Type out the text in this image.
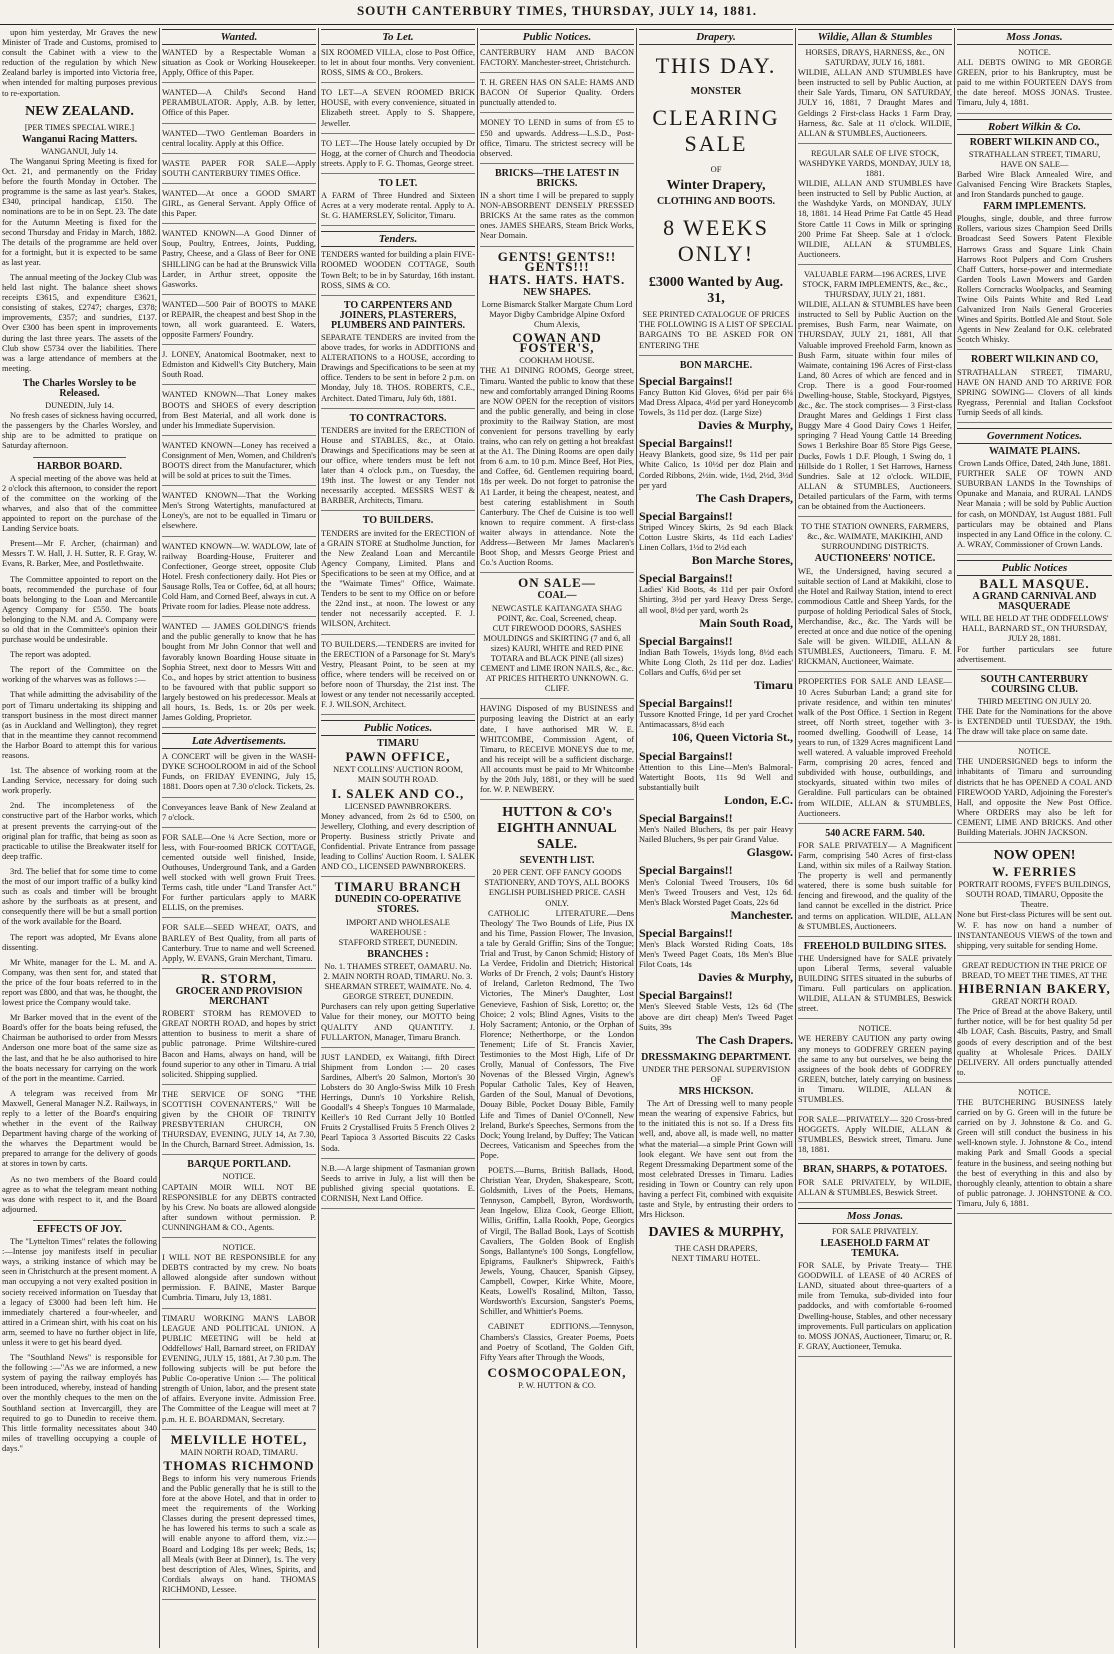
SOUTH CANTERBURY TIMES, THURSDAY, JULY 14, 1881.

upon him yesterday, Mr Graves the new Minister of Trade and Customs, promised to consult the Cabinet with a view to the reduction of the regulation by which New Zealand barley is imported into Victoria free, when intended for malting purposes previous to re-exportation.

NEW ZEALAND.
[PER TIMES SPECIAL WIRE.]
Wanganui Racing Matters.
WANGANUI, July 14.

The Wanganui Spring Meeting is fixed for Oct. 21, and permanently on the Friday before the fourth Monday in October. The programme is the same as last year's. Stakes, £340, principal handicap, £150. The nominations are to be in on Sept. 23. The date for the Autumn Meeting is fixed for the second Thursday and Friday in March, 1882. The details of the programme are held over for a fortnight, but it is expected to be same as last year.

The annual meeting of the Jockey Club was held last night. The balance sheet shows receipts £3615, and expenditure £3621, consisting of stakes, £2747; charges, £378; improvements, £357; and sundries, £137. Over £300 has been spent in improvements during the last three years. The assets of the Club show £5734 over the liabilities. There was a large attendance of members at the meeting.

The Charles Worsley to be Released.
DUNEDIN, July 14.

No fresh cases of sickness having occurred, the passengers by the Charles Worsley, and ship are to be admitted to pratique on Saturday afternoon.

HARBOR BOARD.

A special meeting of the above was held at 2 o'clock this afternoon, to consider the report of the committee on the working of the wharves, and also that of the committee appointed to report on the purchase of the Landing Service boats.

Present—Mr F. Archer, (chairman) and Messrs T. W. Hall, J. H. Sutter, R. F. Gray, W. Evans, R. Barker, Mee, and Postlethwaite.

The Committee appointed to report on the boats, recommended the purchase of four boats belonging to the Loan and Mercantile Agency Company for £550. The boats belonging to the N.M. and A. Company were so old that in the Committee's opinion their purchase would be undesirable.

The report was adopted.

The report of the Committee on the working of the wharves was as follows :—

That while admitting the advisability of the port of Timaru undertaking its shipping and transport business in the most direct manner (as in Auckland and Wellington), they regret that in the meantime they cannot recommend the Harbor Board to attempt this for various reasons.

1st. The absence of working room at the Landing Service, necessary for doing such work properly.

2nd. The incompleteness of the constructive part of the Harbor works, which at present prevents the carrying-out of the original plan for traffic, that being as soon as practicable to utilise the Breakwater itself for deep traffic.

3rd. The belief that for some time to come the most of our import traffic of a bulky kind such as coals and timber will be brought ashore by the surfboats as at present, and consequently there will be but a small portion of the work available for the Board.

The report was adopted, Mr Evans alone dissenting.

Mr White, manager for the L. M. and A. Company, was then sent for, and stated that the price of the four boats referred to in the report was £800, and that was, he thought, the lowest price the Company would take.

Mr Barker moved that in the event of the Board's offer for the boats being refused, the Chairman be authorised to order from Messrs Anderson one more boat of the same size as the last, and that he be also authorised to hire the boats necessary for carrying on the work of the port in the meantime. Carried.

A telegram was received from Mr Maxwell, General Manager N.Z. Railways, in reply to a letter of the Board's enquiring whether in the event of the Railway Department having charge of the working of the wharves the Department would be prepared to arrange for the delivery of goods at stores in town by carts.

As no two members of the Board could agree as to what the telegram meant nothing was done with respect to it, and the Board adjourned.

EFFECTS OF JOY.

The "Lyttelton Times" relates the following :—Intense joy manifests itself in peculiar ways, a striking instance of which may be seen in Christchurch at the present moment. A man occupying a not very exalted position in society received information on Tuesday that a legacy of £3000 had been left him. He immediately chartered a four-wheeler, and attired in a Crimean shirt, with his coat on his arm, seemed to have no further object in life, unless it were to get his beard dyed.

The "Southland News" is responsible for the following :—"As we are informed, a new system of paying the railway employés has been introduced, whereby, instead of handing over the monthly cheques to the men on the Southland section at Invercargill, they are required to go to Dunedin to receive them. This little formality necessitates about 340 miles of travelling occupying a couple of days."

Wanted.
WANTED by a Respectable Woman a situation as Cook or Working Housekeeper. Apply, Office of this Paper.
WANTED—A Child's Second Hand PERAMBULATOR. Apply, A.B. by letter, Office of this Paper.
WANTED—TWO Gentleman Boarders in central locality. Apply at this Office.
WASTE PAPER FOR SALE—Apply SOUTH CANTERBURY TIMES Office.
WANTED—At once a GOOD SMART GIRL, as General Servant. Apply Office of this Paper.
WANTED KNOWN—A Good Dinner of Soup, Poultry, Entrees, Joints, Pudding, Pastry, Cheese, and a Glass of Beer for ONE SHILLING can be had at the Brunswick Villa Larder, in Arthur street, opposite the Gasworks.
WANTED—500 Pair of BOOTS to MAKE or REPAIR, the cheapest and best Shop in the town, all work guaranteed. E. Waters, opposite Farmers' Foundry.
J. LONEY, Anatomical Bootmaker, next to Edmiston and Kidwell's City Butchery, Main South Road.
WANTED KNOWN—That Loney makes BOOTS and SHOES of every description from Best Material, and all work done is under his Immediate Supervision.
WANTED KNOWN—Loney has received a Consignment of Men, Women, and Children's BOOTS direct from the Manufacturer, which will be sold at prices to suit the Times.
WANTED KNOWN—That the Working Men's Strong Watertights, manufactured at Loney's, are not to be equalled in Timaru or elsewhere.
WANTED KNOWN—W. WADLOW, late of railway Boarding-House, Fruiterer and Confectioner, George street, opposite Club Hotel. Fresh confectionery daily. Hot Pies or Sausage Rolls, Tea or Coffee, 6d, at all hours; Cold Ham, and Corned Beef, always in cut. A Private room for ladies. Please note address.
WANTED — JAMES GOLDING'S friends and the public generally to know that he has bought from Mr John Connor that well and favorably known Boarding House situate in Sophia Street, next door to Messrs Witt and Co., and hopes by strict attention to business to be favoured with that public support so largely bestowed on his predecessor. Meals at all hours, 1s. Beds, 1s. or 20s per week. James Golding, Proprietor.
Late Advertisements.
A CONCERT will be given in the WASH-DYKE SCHOOLROOM in aid of the School Funds, on FRIDAY EVENING, July 15, 1881. Doors open at 7.30 o'clock. Tickets, 2s.
Conveyances leave Bank of New Zealand at 7 o'clock.
FOR SALE—One ¼ Acre Section, more or less, with Four-roomed BRICK COTTAGE, cemented outside well finished, Inside, Outhouses, Underground Tank, and a Garden well stocked with well grown Fruit Trees. Terms cash, title under "Land Transfer Act." For further particulars apply to MARK ELLIS, on the premises.
FOR SALE—SEED WHEAT, OATS, and BARLEY of Best Quality, from all parts of Canterbury. True to name and well Screened. Apply, W. EVANS, Grain Merchant, Timaru.
R. STORM,
GROCER AND PROVISION MERCHANT
ROBERT STORM has REMOVED to GREAT NORTH ROAD, and hopes by strict attention to business to merit a share of public patronage. Prime Wiltshire-cured Bacon and Hams, always on hand, will be found superior to any other in Timaru. A trial solicited. Shipping supplied.
THE SERVICE OF SONG "THE SCOTTISH COVENANTERS," Will be given by the CHOIR OF TRINITY PRESBYTERIAN CHURCH, ON THURSDAY, EVENING, JULY 14, At 7.30, In the Church, Barnard Street. Admission, 1s.
BARQUE PORTLAND.
NOTICE.
CAPTAIN MOIR WILL NOT BE RESPONSIBLE for any DEBTS contracted by his Crew. No boats are allowed alongside after sundown without permission. P. CUNNINGHAM & CO., Agents.
NOTICE.
I WILL NOT BE RESPONSIBLE for any DEBTS contracted by my crew. No boats allowed alongside after sundown without permission. F. BAINE, Master Barque Cumbria. Timaru, July 13, 1881.
TIMARU WORKING MAN'S LABOR LEAGUE AND POLITICAL UNION. A PUBLIC MEETING will be held at Oddfellows' Hall, Barnard street, on FRIDAY EVENING, JULY 15, 1881, At 7.30 p.m. The following subjects will be put before the Public Co-operative Union :— The political strength of Union, labor, and the present state of affairs. Everyone invite. Admission Free. The Committee of the League will meet at 7 p.m. H. E. BOARDMAN, Secretary.
MELVILLE HOTEL,
MAIN NORTH ROAD, TIMARU.
THOMAS RICHMOND
Begs to inform his very numerous Friends and the Public generally that he is still to the fore at the above Hotel, and that in order to meet the requirements of the Working Classes during the present depressed times, he has lowered his terms to such a scale as will enable anyone to afford them, viz.:— Board and Lodging 18s per week; Beds, 1s; all Meals (with Beer at Dinner), 1s. The very best description of Ales, Wines, Spirits, and Cordials always on hand. THOMAS RICHMOND, Lessee.
To Let.
SIX ROOMED VILLA, close to Post Office, to let in about four months. Very convenient. ROSS, SIMS & CO., Brokers.
TO LET—A SEVEN ROOMED BRICK HOUSE, with every convenience, situated in Elizabeth street. Apply to S. Shappere, Jeweller.
TO LET—The House lately occupied by Dr Hogg, at the corner of Church and Theodocia streets. Apply to F. G. Thomas, George street.
TO LET.
A FARM of Three Hundred and Sixteen Acres at a very moderate rental. Apply to A. St. G. HAMERSLEY, Solicitor, Timaru.
Tenders.
TENDERS wanted for building a plain FIVE-ROOMED WOODEN COTTAGE, South Town Belt; to be in by Saturday, 16th instant. ROSS, SIMS & CO.
TO CARPENTERS AND JOINERS, PLASTERERS, PLUMBERS AND PAINTERS.
SEPARATE TENDERS are invited from the above trades, for works in ADDITIONS and ALTERATIONS to a HOUSE, according to Drawings and Specifications to be seen at my office. Tenders to be sent in before 2 p.m. on Monday, July 18. THOS. ROBERTS, C.E., Architect. Dated Timaru, July 6th, 1881.
TO CONTRACTORS.
TENDERS are invited for the ERECTION of House and STABLES, &c., at Otaio. Drawings and Specifications may be seen at our office, where tenders must be left not later than 4 o'clock p.m., on Tuesday, the 19th inst. The lowest or any Tender not necessarily accepted. MESSRS WEST & BARBER, Architects, Timaru.
TO BUILDERS.
TENDERS are invited for the ERECTION of a GRAIN STORE at Studholme Junction, for the New Zealand Loan and Mercantile Agency Company, Limited. Plans and Specifications to be seen at my Office, and at the "Waimate Times" Office, Waimate. Tenders to be sent to my Office on or before the 22nd inst., at noon. The lowest or any tender not necessarily accepted. F. J. WILSON, Architect.
TO BUILDERS.—TENDERS are invited for the ERECTION of a Parsonage for St. Mary's Vestry, Pleasant Point, to be seen at my office, where tenders will be received on or before noon of Thursday, the 21st inst. The lowest or any tender not necessarily accepted. F. J. WILSON, Architect.
Public Notices.
TIMARU
PAWN OFFICE,
NEXT COLLINS' AUCTION ROOM, MAIN SOUTH ROAD.
I. SALEK AND CO.,
LICENSED PAWNBROKERS.
Money advanced, from 2s 6d to £500, on Jewellery, Clothing, and every description of Property. Business strictly Private and Confidential. Private Entrance from passage leading to Collins' Auction Room. I. SALEK AND CO., LICENSED PAWNBROKERS.
TIMARU BRANCH
DUNEDIN CO-OPERATIVE STORES.
IMPORT AND WHOLESALE WAREHOUSE :
STAFFORD STREET, DUNEDIN.
BRANCHES :
No. 1. THAMES STREET, OAMARU. No. 2. MAIN NORTH ROAD, TIMARU. No. 3. SHEARMAN STREET, WAIMATE. No. 4. GEORGE STREET, DUNEDIN.
Purchasers can rely upon getting Superlative Value for their money, our MOTTO being QUALITY AND QUANTITY. J. FULLARTON, Manager, Timaru Branch.
JUST LANDED, ex Waitangi, fifth Direct Shipment from London :— 20 cases Sardines, Albert's 20 Salmon, Morton's 30 Lobsters do 30 Anglo-Swiss Milk 10 Fresh Herrings, Dunn's 10 Yorkshire Relish, Goodall's 4 Sheep's Tongues 10 Marmalade, Keiller's 10 Red Currant Jelly 10 Bottled Fruits 2 Crystallised Fruits 5 French Olives 2 Pearl Tapioca 3 Assorted Biscuits 22 Casks Soda.
N.B.—A large shipment of Tasmanian grown Seeds to arrive in July, a list will then be published giving special quotations. E. CORNISH, Next Land Office.
Public Notices.
CANTERBURY HAM AND BACON FACTORY. Manchester-street, Christchurch.
T. H. GREEN HAS ON SALE: HAMS AND BACON Of Superior Quality. Orders punctually attended to.
MONEY TO LEND in sums of from £5 to £50 and upwards. Address—L.S.D., Post-office, Timaru. The strictest secrecy will be observed.
BRICKS—THE LATEST IN BRICKS.
IN a short time I will be prepared to supply NON-ABSORBENT DENSELY PRESSED BRICKS At the same rates as the common ones. JAMES SHEARS, Steam Brick Works, Near Domain.
GENTS! GENTS!! GENTS!!!
HATS. HATS. HATS.
NEW SHAPES.
Lorne Bismarck Stalker Margate Chum Lord Mayor Digby Cambridge Alpine Oxford Chum Alexis,
COWAN AND FOSTER'S,
COOKHAM HOUSE.
THE A1 DINING ROOMS, George street, Timaru. Wanted the public to know that these new and comfortably arranged Dining Rooms are NOW OPEN for the reception of visitors and the public generally, and being in close proximity to the Railway Station, are most convenient for persons travelling by early trains, who can rely on getting a hot breakfast at the A1. The Dining Rooms are open daily from 6 a.m. to 10 p.m. Mince Beef, Hot Pies, and Coffee, 6d. Gentlemen requiring board, 18s per week. Do not forget to patronise the A1 Larder, it being the cheapest, neatest, and best catering establishment in South Canterbury. The Chef de Cuisine is too well known to require comment. A first-class waiter always in attendance. Note the Address—Between Mr James Maclaren's Boot Shop, and Messrs George Priest and Co.'s Auction Rooms.
ON SALE—
COAL—
NEWCASTLE KAITANGATA SHAG POINT, &c. Coal, Screened, cheap.
CUT FIREWOOD DOORS, SASHES MOULDINGS and SKIRTING (7 and 6, all sizes) KAURI, WHITE and RED PINE TOTARA and BLACK PINE (all sizes) CEMENT and LIME IRON NAILS, &c., &c. AT PRICES HITHERTO UNKNOWN. G. CLIFF.
HAVING Disposed of my BUSINESS and purposing leaving the District at an early date, I have authorised MR W. E. WHITCOMBE, Commission Agent, of Timaru, to RECEIVE MONEYS due to me, and his receipt will be a sufficient discharge. All accounts must be paid to Mr Whitcombe by the 20th July, 1881, or they will be sued for. W. P. NEWBERY.
HUTTON & CO's EIGHTH ANNUAL SALE.
SEVENTH LIST.
20 PER CENT. OFF FANCY GOODS STATIONERY, AND TOYS, ALL BOOKS ENGLISH PUBLISHED PRICE. CASH ONLY.

CATHOLIC LITERATURE.—Dens Theology' The Two Bounds of Life, Pius IX and his Time, Passion Flower, The Invasion, a tale by Gerald Griffin; Sins of the Tongue; Trial and Trust, by Canon Schmid; History of La Verdee, Fridolin and Dietrich; Historical Works of Dr French, 2 vols; Daunt's History of Ireland, Carleton Redmond, The Two Victories, The Miner's Daughter, Lost Genevieve, Fashion of Sisk, Loretto; or, the Choice; 2 vols; Blind Agnes, Visits to the Holy Sacrament; Antonio, or the Orphan of Florence; Netherthorpe, or the London Tenement; Life of St. Francis Xavier, Testimonies to the Most High, Life of Dr Crolly, Manual of Confessors, The Five Novenas of the Blessed Virgin, Agnew's Popular Catholic Tales, Key of Heaven, Garden of the Soul, Manual of Devotions, Douay Bible, Pocket Douay Bible, Family Life and Times of Daniel O'Connell, New Ireland, Burke's Speeches, Sermons from the Dock; Young Ireland, by Duffey; The Vatican Decrees, Vaticanism and Speeches from the Pope.

POETS.—Burns, British Ballads, Hood, Christian Year, Dryden, Shakespeare, Scott, Goldsmith, Lives of the Poets, Hemans, Tennyson, Campbell, Byron, Wordsworth, Jean Ingelow, Eliza Cook, George Elliott, Willis, Griffin, Lalla Rookh, Pope, Georgics of Virgil, The Ballad Book, Lays of Scottish Cavaliers, The Golden Book of English Songs, Ballantyne's 100 Songs, Longfellow, Epigrams, Faulkner's Shipwreck, Faith's Jewels, Young, Chaucer, Spanish Gipsey, Campbell, Cowper, Kirke White, Moore, Keats, Lowell's Rosalind, Milton, Tasso, Wordsworth's Excursion, Sangster's Poems, Schiller, and Whittier's Poems.

CABINET EDITIONS.—Tennyson, Chambers's Classics, Greater Poems, Poets and Poetry of Scotland, The Golden Gift, Fifty Years after Through the Woods,

COSMOCOPALEON,
P. W. HUTTON & CO.
Drapery.
THIS DAY.
MONSTER
CLEARING SALE
OF
Winter Drapery,
CLOTHING AND BOOTS.
8 WEEKS ONLY!
£3000 Wanted by Aug. 31,
SEE PRINTED CATALOGUE OF PRICES
THE FOLLOWING IS A LIST OF SPECIAL BARGAINS TO BE ASKED FOR ON ENTERING THE
BON MARCHE.
Special Bargains!!
Fancy Button Kid Gloves, 6½d per pair 6¼ Mad Dress Alpaca, 4½d per yard Honeycomb Towels, 3s 11d per doz. (Large Size)
Davies & Murphy,
Special Bargains!!
Heavy Blankets, good size, 9s 11d per pair White Calico, 1s 10½d per doz Plain and Corded Ribbons, 2½in. wide, 1½d, 2½d, 3½d per yard
The Cash Drapers,
Special Bargains!!
Striped Wincey Skirts, 2s 9d each Black Cotton Lustre Skirts, 4s 11d each Ladies' Linen Collars, 1½d to 2½d each
Bon Marche Stores,
Special Bargains!!
Ladies' Kid Boots, 4s 11d per pair Oxford Shirting, 3½d per yard Heavy Dress Serge, all wool, 8½d per yard, worth 2s
Main South Road,
Special Bargains!!
Indian Bath Towels, 1½yds long, 8½d each White Long Cloth, 2s 11d per doz. Ladies' Collars and Cuffs, 6½d per set
Timaru
Special Bargains!!
Tussore Knotted Fringe, 1d per yard Crochet Antimacassars, 8½d each
106, Queen Victoria St.,
Special Bargains!!
Attention to this Line—Men's Balmoral-Watertight Boots, 11s 9d Well and substantially built
London, E.C.
Special Bargains!!
Men's Nailed Bluchers, 8s per pair Heavy Nailed Bluchers, 9s per pair Grand Value.
Glasgow.
Special Bargains!!
Men's Colonial Tweed Trousers, 10s 6d Men's Tweed Trousers and Vest, 12s 6d. Men's Black Worsted Paget Coats, 22s 6d
Manchester.
Special Bargains!!
Men's Black Worsted Riding Coats, 18s Men's Tweed Paget Coats, 18s Men's Blue Filot Coats, 14s
Davies & Murphy,
Special Bargains!!
Men's Sleeved Stable Vests, 12s 6d (The above are dirt cheap) Men's Tweed Paget Suits, 39s
The Cash Drapers.
DRESSMAKING DEPARTMENT.
UNDER THE PERSONAL SUPERVISION OF
MRS HICKSON.

The Art of Dressing well to many people mean the wearing of expensive Fabrics, but to the initiated this is not so. If a Dress fits well, and, above all, is made well, no matter what the material—a simple Print Gown will look elegant. We have sent out from the Regent Dressmaking Department some of the most celebrated Dresses in Timaru. Ladies residing in Town or Country can rely upon having a perfect Fit, combined with exquisite taste and Style, by entrusting their orders to Mrs Hickson.

DAVIES & MURPHY,
THE CASH DRAPERS,
NEXT TIMARU HOTEL.
Wildie, Allan & Stumbles
HORSES, DRAYS, HARNESS, &c., ON SATURDAY, JULY 16, 1881.
WILDIE, ALLAN AND STUMBLES have been instructed to sell by Public Auction, at their Sale Yards, Timaru, ON SATURDAY, JULY 16, 1881, 7 Draught Mares and Geldings 2 First-class Hacks 1 Farm Dray, Harness, &c. Sale at 11 o'clock. WILDIE, ALLAN & STUMBLES, Auctioneers.
REGULAR SALE OF LIVE STOCK, WASHDYKE YARDS, MONDAY, JULY 18, 1881.
WILDIE, ALLAN AND STUMBLES have been instructed to Sell by Public Auction, at the Washdyke Yards, on MONDAY, JULY 18, 1881. 14 Head Prime Fat Cattle 45 Head Store Cattle 11 Cows in Milk or springing 200 Prime Fat Sheep. Sale at 1 o'clock. WILDIE, ALLAN & STUMBLES, Auctioneers.
VALUABLE FARM—196 ACRES, LIVE STOCK, FARM IMPLEMENTS, &c., &c., THURSDAY, JULY 21, 1881.
WILDIE, ALLAN & STUMBLES have been instructed to Sell by Public Auction on the premises, Bush Farm, near Waimate, on THURSDAY, JULY 21, 1881, All that Valuable improved Freehold Farm, known as Bush Farm, situate within four miles of Waimate, containing 196 Acres of First-class Land, 80 Acres of which are fenced and in Crop. There is a good Four-roomed Dwelling-house, Stable, Stockyard, Pigstyes, &c., &c. The stock comprises— 3 First-class Draught Mares and Geldings 1 First class Buggy Mare 4 Good Dairy Cows 1 Heifer, springing 7 Head Young Cattle 14 Breeding Sows 1 Berkshire Boar 85 Store Pigs Geese, Ducks, Fowls 1 D.F. Plough, 1 Swing do, 1 Hillside do 1 Roller, 1 Set Harrows, Harness Sundries. Sale at 12 o'clock. WILDIE, ALLAN & STUMBLES, Auctioneers. Detailed particulars of the Farm, with terms can be obtained from the Auctioneers.
TO THE STATION OWNERS, FARMERS, &c., &c. WAIMATE, MAKIKIHI, AND SURROUNDING DISTRICTS.
AUCTIONEERS' NOTICE.
WE, the Undersigned, having secured a suitable section of Land at Makikihi, close to the Hotel and Railway Station, intend to erect commodious Cattle and Sheep Yards, for the purpose of holding Periodical Sales of Stock, Merchandise, &c., &c. The Yards will be erected at once and due notice of the opening Sale will be given. WILDIE, ALLAN & STUMBLES, Auctioneers, Timaru. F. M. RICKMAN, Auctioneer, Waimate.
PROPERTIES FOR SALE AND LEASE— 10 Acres Suburban Land; a grand site for private residence, and within ten minutes' walk of the Post Office. 1 Section in Regent street, off North street, together with 3-roomed dwelling. Goodwill of Lease, 14 years to run, of 1329 Acres magnificent Land well watered. A valuable improved Freehold Farm, comprising 20 acres, fenced and subdivided with house, outbuildings, and stockyards, situated within two miles of Geraldine. Full particulars can be obtained from WILDIE, ALLAN & STUMBLES, Auctioneers.
540 ACRE FARM. 540.
FOR SALE PRIVATELY— A Magnificent Farm, comprising 540 Acres of first-class Land, within six miles of a Railway Station. The property is well and permanently watered, there is some bush suitable for fencing and firewood, and the quality of the land cannot be excelled in the district. Price and terms on application. WILDIE, ALLAN & STUMBLES, Auctioneers.
FREEHOLD BUILDING SITES.
THE Undersigned have for SALE privately upon Liberal Terms, several valuable BUILDING SITES situated in the suburbs of Timaru. Full particulars on application. WILDIE, ALLAN & STUMBLES, Beswick street.
NOTICE.
WE HEREBY CAUTION any party owing any moneys to GODFREY GREEN paying the same to any but ourselves, we being the assignees of the book debts of GODFREY GREEN, butcher, lately carrying on business in Timaru. WILDIE, ALLAN & STUMBLES.
FOR SALE—PRIVATELY— 320 Cross-bred HOGGETS. Apply WILDIE, ALLAN & STUMBLES, Beswick street, Timaru. June 18, 1881.
BRAN, SHARPS, & POTATOES.
FOR SALE PRIVATELY, by WILDIE, ALLAN & STUMBLES, Beswick Street.
Moss Jonas.
FOR SALE PRIVATELY.
LEASEHOLD FARM AT TEMUKA.
FOR SALE, by Private Treaty— THE GOODWILL of LEASE of 40 ACRES of LAND, situated about three-quarters of a mile from Temuka, sub-divided into four paddocks, and with comfortable 6-roomed Dwelling-house, Stables, and other necessary improvements. Full particulars on application to. MOSS JONAS, Auctioneer, Timaru; or, R. F. GRAY, Auctioneer, Temuka.
Moss Jonas.
NOTICE.
ALL DEBTS OWING to MR GEORGE GREEN, prior to his Bankruptcy, must be paid to me within FOURTEEN DAYS from the date hereof. MOSS JONAS. Trustee. Timaru, July 4, 1881.
Robert Wilkin & Co.
ROBERT WILKIN AND CO.,
STRATHALLAN STREET, TIMARU, HAVE ON SALE—
Barbed Wire Black Annealed Wire, and Galvanised Fencing Wire Brackets Staples, and Iron Standards punched to gauge.
FARM IMPLEMENTS.
Ploughs, single, double, and three furrow Rollers, various sizes Champion Seed Drills Broadcast Seed Sowers Patent Flexible Harrows Grass and Square Link Chain Harrows Root Pulpers and Corn Crushers Chaff Cutters, horse-power and intermediate Garden Tools Lawn Mowers and Garden Rollers Corncracks Woolpacks, and Seaming Twine Oils Paints White and Red Lead Galvanized Iron Nails General Groceries Wines and Spirits. Bottled Ale and Stout. Sole Agents in New Zealand for O.K. celebrated Scotch Whisky.
ROBERT WILKIN AND CO,
STRATHALLAN STREET, TIMARU, HAVE ON HAND AND TO ARRIVE FOR SPRING SOWING— Clovers of all kinds Ryegrass, Perennial and Italian Cocksfoot Turnip Seeds of all kinds.
Government Notices.
WAIMATE PLAINS.
Crown Lands Office, Dated, 24th June, 1881.
FURTHER SALE OF TOWN AND SUBURBAN LANDS In the Townships of Opunake and Manaia, and RURAL LANDS Near Manaia ; will be sold by Public Auction for cash, on MONDAY, 1st August 1881. Full particulars may be obtained and Plans inspected in any Land Office in the colony. C. A. WRAY, Commissioner of Crown Lands.
Public Notices
BALL MASQUE.
A GRAND CARNIVAL AND MASQUERADE
WILL BE HELD AT THE ODDFELLOWS' HALL, BARNARD ST., ON THURSDAY, JULY 28, 1881.
For further particulars see future advertisement.
SOUTH CANTERBURY COURSING CLUB.
THIRD MEETING ON JULY 20.
THE Date for the Nominations for the above is EXTENDED until TUESDAY, the 19th. The draw will take place on same date.
NOTICE.
THE UNDERSIGNED begs to inform the inhabitants of Timaru and surrounding districts that he has OPENED A COAL AND FIREWOOD YARD, Adjoining the Forester's Hall, and opposite the New Post Office. Where ORDERS may also be left for CEMENT, LIME AND BRICKS. And other Building Materials. JOHN JACKSON.
NOW OPEN!
W. FERRIES
PORTRAIT ROOMS, FYFE'S BUILDINGS, SOUTH ROAD, TIMARU, Opposite the Theatre.
None but First-class Pictures will be sent out. W. F. has now on hand a number of INSTANTANEOUS VIEWS of the town and shipping, very suitable for sending Home.
GREAT REDUCTION IN THE PRICE OF BREAD, TO MEET THE TIMES, AT THE
HIBERNIAN BAKERY,
GREAT NORTH ROAD.
The Price of Bread at the above Bakery, until further notice, will be for best quality 5d per 4lb LOAF, Cash. Biscuits, Pastry, and Small goods of every description and of the best quality at Wholesale Prices. DAILY DELIVERY. All orders punctually attended to.
NOTICE.
THE BUTCHERING BUSINESS lately carried on by G. Green will in the future be carried on by J. Johnstone & Co. and G. Green will still conduct the business in his well-known style. J. Johnstone & Co., intend making Park and Small Goods a special feature in the business, and seeing nothing but the best of everything in this and also by thoroughly cleanly, attention to obtain a share of public patronage. J. JOHNSTONE & CO. Timaru, July 6, 1881.
